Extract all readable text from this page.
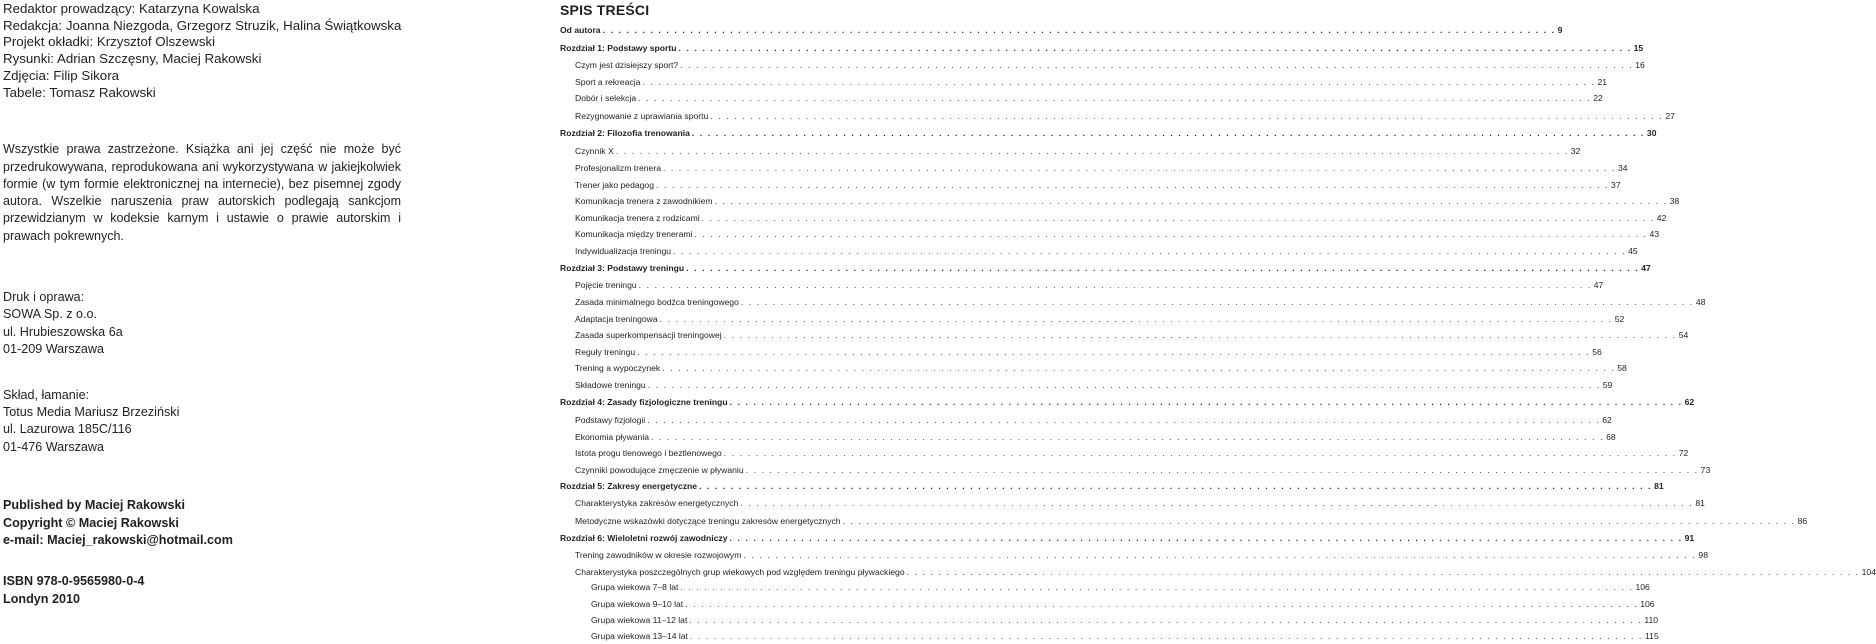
Redaktor prowadzący: Katarzyna Kowalska
Redakcja: Joanna Niezgoda, Grzegorz Struzik, Halina Świątkowska
Projekt okładki: Krzysztof Olszewski
Rysunki: Adrian Szczęsny, Maciej Rakowski
Zdjęcia: Filip Sikora
Tabele: Tomasz Rakowski

Wszystkie prawa zastrzeżone. Książka ani jej część nie może być przedrukowywana, reprodukowana ani wykorzystywana w jakiejkolwiek formie (w tym formie elektronicznej na internecie), bez pisemnej zgody autora. Wszelkie naruszenia praw autorskich podlegają sankcjom przewidzianym w kodeksie karnym i ustawie o prawie autorskim i prawach pokrewnych.

Druk i oprawa:
SOWA Sp. z o.o.
ul. Hrubieszowska 6a
01-209 Warszawa
Skład, łamanie:
Totus Media Mariusz Brzeziński
ul. Lazurowa 185C/116
01-476 Warszawa
Published by Maciej Rakowski
Copyright © Maciej Rakowski
e-mail: Maciej_rakowski@hotmail.com
ISBN 978-0-9565980-0-4
Londyn 2010
SPIS TREŚCI
Od autora . . . . . . . . . . . . . . . . . . . . . . . . . . . . . . . . . . . . . . . . . . . . . . . . . . . . . . . . . . . . . . . . . . . . . . . . . . . . . . . . . . . . . . . . . . . . . . . . . . . . . . . . . . . . . . . . . . . . . . . . 9
Rozdział 1: Podstawy sportu . . . . . . . . . . . . . . . . . . . . . . . . . . . . . . . . . . . . . . . . . . . . . . . . . . . . . . . . . . . . . . . . . . . . . . . . . . . . . . . . . . . . . . . . . . . . . . . . . . . . . . . . . . . . . . . . . . . . . . . . 15
Czym jest dzisiejszy sport? . . . . . . . . . . . . . . . . . . . . . . . . . . . . . . . . . . . . . . . . . . . . . . . . . . . . . . . . . . . . . . . . . . . . . . . . . . . . . . . . . . . . . . . . . . . . . . . . . . . . . . . . . . . . . . . . . . . . . . . . 16
Sport a rekreacja . . . . . . . . . . . . . . . . . . . . . . . . . . . . . . . . . . . . . . . . . . . . . . . . . . . . . . . . . . . . . . . . . . . . . . . . . . . . . . . . . . . . . . . . . . . . . . . . . . . . . . . . . . . . . . . . . . . . . . . . 21
Dobór i selekcja . . . . . . . . . . . . . . . . . . . . . . . . . . . . . . . . . . . . . . . . . . . . . . . . . . . . . . . . . . . . . . . . . . . . . . . . . . . . . . . . . . . . . . . . . . . . . . . . . . . . . . . . . . . . . . . . . . . . . . . . 22
Rezygnowanie z uprawiania sportu . . . . . . . . . . . . . . . . . . . . . . . . . . . . . . . . . . . . . . . . . . . . . . . . . . . . . . . . . . . . . . . . . . . . . . . . . . . . . . . . . . . . . . . . . . . . . . . . . . . . . . . . . . . . . . . . . . . . . . . . 27
Rozdział 2: Filozofia trenowania . . . . . . . . . . . . . . . . . . . . . . . . . . . . . . . . . . . . . . . . . . . . . . . . . . . . . . . . . . . . . . . . . . . . . . . . . . . . . . . . . . . . . . . . . . . . . . . . . . . . . . . . . . . . . . . . . . . . . . . . 30
Czynnik X . . . . . . . . . . . . . . . . . . . . . . . . . . . . . . . . . . . . . . . . . . . . . . . . . . . . . . . . . . . . . . . . . . . . . . . . . . . . . . . . . . . . . . . . . . . . . . . . . . . . . . . . . . . . . . . . . . . . . . . . 32
Profesjonalizm trenera . . . . . . . . . . . . . . . . . . . . . . . . . . . . . . . . . . . . . . . . . . . . . . . . . . . . . . . . . . . . . . . . . . . . . . . . . . . . . . . . . . . . . . . . . . . . . . . . . . . . . . . . . . . . . . . . . . . . . . . . 34
Trener jako pedagog . . . . . . . . . . . . . . . . . . . . . . . . . . . . . . . . . . . . . . . . . . . . . . . . . . . . . . . . . . . . . . . . . . . . . . . . . . . . . . . . . . . . . . . . . . . . . . . . . . . . . . . . . . . . . . . . . . . . . . . . 37
Komunikacja trenera z zawodnikiem . . . . . . . . . . . . . . . . . . . . . . . . . . . . . . . . . . . . . . . . . . . . . . . . . . . . . . . . . . . . . . . . . . . . . . . . . . . . . . . . . . . . . . . . . . . . . . . . . . . . . . . . . . . . . . . . . . . . . . . . 38
Komunikacja trenera z rodzicami . . . . . . . . . . . . . . . . . . . . . . . . . . . . . . . . . . . . . . . . . . . . . . . . . . . . . . . . . . . . . . . . . . . . . . . . . . . . . . . . . . . . . . . . . . . . . . . . . . . . . . . . . . . . . . . . . . . . . . . . 42
Komunikacja między trenerami . . . . . . . . . . . . . . . . . . . . . . . . . . . . . . . . . . . . . . . . . . . . . . . . . . . . . . . . . . . . . . . . . . . . . . . . . . . . . . . . . . . . . . . . . . . . . . . . . . . . . . . . . . . . . . . . . . . . . . . . 43
Indywidualizacja treningu . . . . . . . . . . . . . . . . . . . . . . . . . . . . . . . . . . . . . . . . . . . . . . . . . . . . . . . . . . . . . . . . . . . . . . . . . . . . . . . . . . . . . . . . . . . . . . . . . . . . . . . . . . . . . . . . . . . . . . . . 45
Rozdział 3: Podstawy treningu . . . . . . . . . . . . . . . . . . . . . . . . . . . . . . . . . . . . . . . . . . . . . . . . . . . . . . . . . . . . . . . . . . . . . . . . . . . . . . . . . . . . . . . . . . . . . . . . . . . . . . . . . . . . . . . . . . . . . . . . 47
Pojęcie treningu . . . . . . . . . . . . . . . . . . . . . . . . . . . . . . . . . . . . . . . . . . . . . . . . . . . . . . . . . . . . . . . . . . . . . . . . . . . . . . . . . . . . . . . . . . . . . . . . . . . . . . . . . . . . . . . . . . . . . . . . 47
Zasada minimalnego bodźca treningowego . . . . . . . . . . . . . . . . . . . . . . . . . . . . . . . . . . . . . . . . . . . . . . . . . . . . . . . . . . . . . . . . . . . . . . . . . . . . . . . . . . . . . . . . . . . . . . . . . . . . . . . . . . . . . . . . . . . . . . . . 48
Adaptacja treningowa . . . . . . . . . . . . . . . . . . . . . . . . . . . . . . . . . . . . . . . . . . . . . . . . . . . . . . . . . . . . . . . . . . . . . . . . . . . . . . . . . . . . . . . . . . . . . . . . . . . . . . . . . . . . . . . . . . . . . . . . 52
Zasada superkompensacji treningowej . . . . . . . . . . . . . . . . . . . . . . . . . . . . . . . . . . . . . . . . . . . . . . . . . . . . . . . . . . . . . . . . . . . . . . . . . . . . . . . . . . . . . . . . . . . . . . . . . . . . . . . . . . . . . . . . . . . . . . . . 54
Reguły treningu . . . . . . . . . . . . . . . . . . . . . . . . . . . . . . . . . . . . . . . . . . . . . . . . . . . . . . . . . . . . . . . . . . . . . . . . . . . . . . . . . . . . . . . . . . . . . . . . . . . . . . . . . . . . . . . . . . . . . . . . 56
Trening a wypoczynek . . . . . . . . . . . . . . . . . . . . . . . . . . . . . . . . . . . . . . . . . . . . . . . . . . . . . . . . . . . . . . . . . . . . . . . . . . . . . . . . . . . . . . . . . . . . . . . . . . . . . . . . . . . . . . . . . . . . . . . . 58
Składowe treningu . . . . . . . . . . . . . . . . . . . . . . . . . . . . . . . . . . . . . . . . . . . . . . . . . . . . . . . . . . . . . . . . . . . . . . . . . . . . . . . . . . . . . . . . . . . . . . . . . . . . . . . . . . . . . . . . . . . . . . . . 59
Rozdział 4: Zasady fizjologiczne treningu . . . . . . . . . . . . . . . . . . . . . . . . . . . . . . . . . . . . . . . . . . . . . . . . . . . . . . . . . . . . . . . . . . . . . . . . . . . . . . . . . . . . . . . . . . . . . . . . . . . . . . . . . . . . . . . . . . . . . . . . 62
Podstawy fizjologii . . . . . . . . . . . . . . . . . . . . . . . . . . . . . . . . . . . . . . . . . . . . . . . . . . . . . . . . . . . . . . . . . . . . . . . . . . . . . . . . . . . . . . . . . . . . . . . . . . . . . . . . . . . . . . . . . . . . . . . . 62
Ekonomia pływania . . . . . . . . . . . . . . . . . . . . . . . . . . . . . . . . . . . . . . . . . . . . . . . . . . . . . . . . . . . . . . . . . . . . . . . . . . . . . . . . . . . . . . . . . . . . . . . . . . . . . . . . . . . . . . . . . . . . . . . . 68
Istota progu tlenowego i beztlenowego . . . . . . . . . . . . . . . . . . . . . . . . . . . . . . . . . . . . . . . . . . . . . . . . . . . . . . . . . . . . . . . . . . . . . . . . . . . . . . . . . . . . . . . . . . . . . . . . . . . . . . . . . . . . . . . . . . . . . . . . 72
Czynniki powodujące zmęczenie w pływaniu . . . . . . . . . . . . . . . . . . . . . . . . . . . . . . . . . . . . . . . . . . . . . . . . . . . . . . . . . . . . . . . . . . . . . . . . . . . . . . . . . . . . . . . . . . . . . . . . . . . . . . . . . . . . . . . . . . . . . . . . 73
Rozdział 5: Zakresy energetyczne . . . . . . . . . . . . . . . . . . . . . . . . . . . . . . . . . . . . . . . . . . . . . . . . . . . . . . . . . . . . . . . . . . . . . . . . . . . . . . . . . . . . . . . . . . . . . . . . . . . . . . . . . . . . . . . . . . . . . . . . 81
Charakterystyka zakresów energetycznych . . . . . . . . . . . . . . . . . . . . . . . . . . . . . . . . . . . . . . . . . . . . . . . . . . . . . . . . . . . . . . . . . . . . . . . . . . . . . . . . . . . . . . . . . . . . . . . . . . . . . . . . . . . . . . . . . . . . . . . . 81
Metodyczne wskazówki dotyczące treningu zakresów energetycznych . . . . . . . . . . . . . . . . . . . . . . . . . . . . . . . . . . . . . . . . . . . . . . . . . . . . . . . . . . . . . . . . . . . . . . . . . . . . . . . . . . . . . . . . . . . . . . . . . . . . . . . . . . . . . . . . . . . . . . . . 86
Rozdział 6: Wieloletni rozwój zawodniczy . . . . . . . . . . . . . . . . . . . . . . . . . . . . . . . . . . . . . . . . . . . . . . . . . . . . . . . . . . . . . . . . . . . . . . . . . . . . . . . . . . . . . . . . . . . . . . . . . . . . . . . . . . . . . . . . . . . . . . . . 91
Trening zawodników w okresie rozwojowym . . . . . . . . . . . . . . . . . . . . . . . . . . . . . . . . . . . . . . . . . . . . . . . . . . . . . . . . . . . . . . . . . . . . . . . . . . . . . . . . . . . . . . . . . . . . . . . . . . . . . . . . . . . . . . . . . . . . . . . . 98
Charakterystyka poszczególnych grup wiekowych pod względem treningu pływackiego . . . . . . . . . . . . . . . . . . . . . . . . . . . . . . . . . . . . . . . . . . . . . . . . . . . . . . . . . . . . . . . . . . . . . . . . . . . . . . . . . . . . . . . . . . . . . . . . . . . . . . . . . . . . . . . . . . . . . . . . 104
Grupa wiekowa 7–8 lat . . . . . . . . . . . . . . . . . . . . . . . . . . . . . . . . . . . . . . . . . . . . . . . . . . . . . . . . . . . . . . . . . . . . . . . . . . . . . . . . . . . . . . . . . . . . . . . . . . . . . . . . . . . . . . . . . . . . . . . . 106
Grupa wiekowa 9–10 lat . . . . . . . . . . . . . . . . . . . . . . . . . . . . . . . . . . . . . . . . . . . . . . . . . . . . . . . . . . . . . . . . . . . . . . . . . . . . . . . . . . . . . . . . . . . . . . . . . . . . . . . . . . . . . . . . . . . . . . . . 106
Grupa wiekowa 11–12 lat . . . . . . . . . . . . . . . . . . . . . . . . . . . . . . . . . . . . . . . . . . . . . . . . . . . . . . . . . . . . . . . . . . . . . . . . . . . . . . . . . . . . . . . . . . . . . . . . . . . . . . . . . . . . . . . . . . . . . . . . 110
Grupa wiekowa 13–14 lat . . . . . . . . . . . . . . . . . . . . . . . . . . . . . . . . . . . . . . . . . . . . . . . . . . . . . . . . . . . . . . . . . . . . . . . . . . . . . . . . . . . . . . . . . . . . . . . . . . . . . . . . . . . . . . . . . . . . . . . . 115
